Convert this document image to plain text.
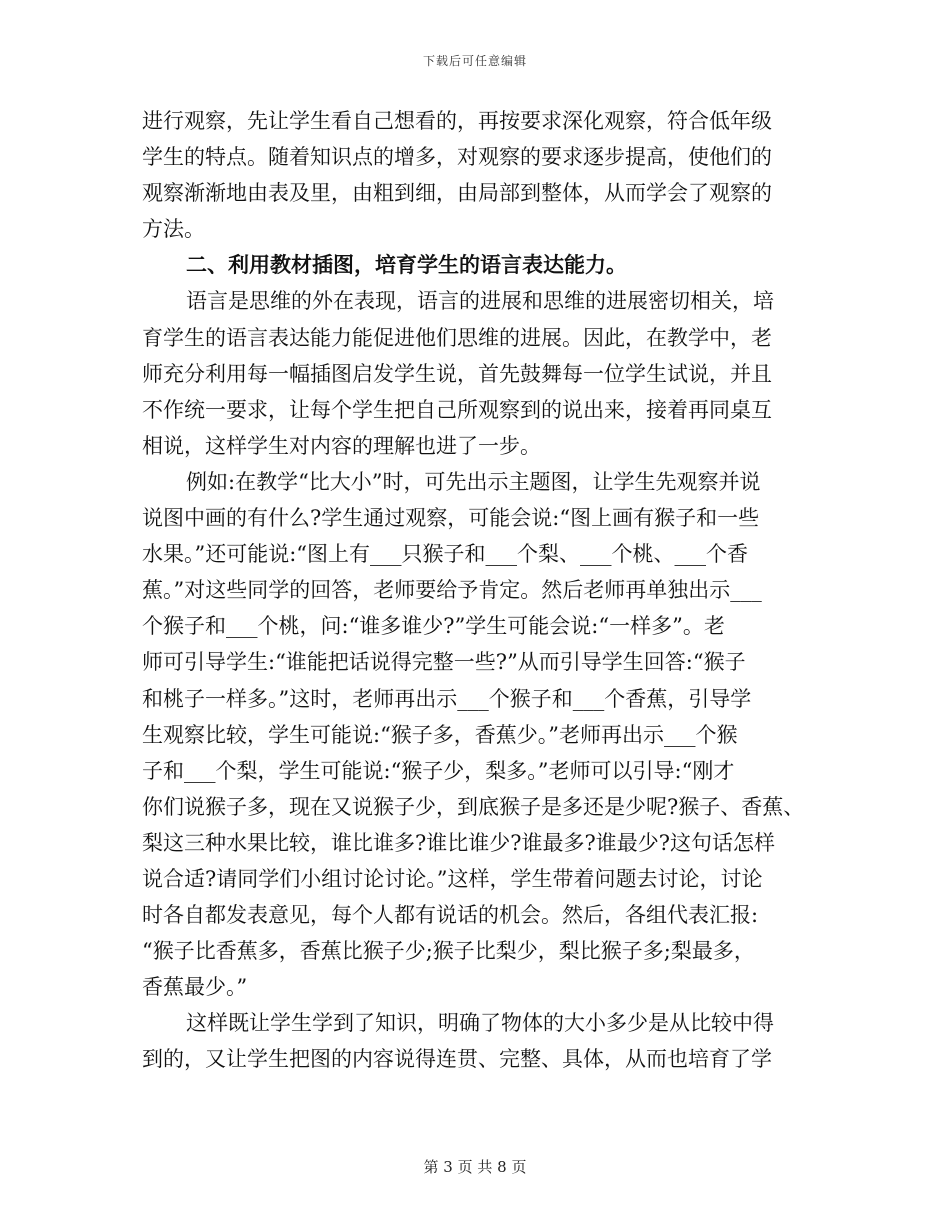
下载后可任意编辑
进行观察，先让学生看自己想看的，再按要求深化观察，符合低年级
学生的特点。随着知识点的增多，对观察的要求逐步提高，使他们的
观察渐渐地由表及里，由粗到细，由局部到整体，从而学会了观察的
方法。
二、利用教材插图，培育学生的语言表达能力。
语言是思维的外在表现，语言的进展和思维的进展密切相关，培
育学生的语言表达能力能促进他们思维的进展。因此，在教学中，老
师充分利用每一幅插图启发学生说，首先鼓舞每一位学生试说，并且
不作统一要求，让每个学生把自己所观察到的说出来，接着再同桌互
相说，这样学生对内容的理解也进了一步。
例如:在教学“比大小”时，可先出示主题图，让学生先观察并说
说图中画的有什么?学生通过观察，可能会说:“图上画有猴子和一些
水果。”还可能说:“图上有___只猴子和___个梨、___个桃、___个香
蕉。”对这些同学的回答，老师要给予肯定。然后老师再单独出示___
个猴子和___个桃，问:“谁多谁少?”学生可能会说:“一样多”。老
师可引导学生:“谁能把话说得完整一些?”从而引导学生回答:“猴子
和桃子一样多。”这时，老师再出示___个猴子和___个香蕉，引导学
生观察比较，学生可能说:“猴子多，香蕉少。”老师再出示___个猴
子和___个梨，学生可能说:“猴子少，梨多。”老师可以引导:“刚才
你们说猴子多，现在又说猴子少，到底猴子是多还是少呢?猴子、香蕉、
梨这三种水果比较，谁比谁多?谁比谁少?谁最多?谁最少?这句话怎样
说合适?请同学们小组讨论讨论。”这样，学生带着问题去讨论，讨论
时各自都发表意见，每个人都有说话的机会。然后，各组代表汇报:
“猴子比香蕉多，香蕉比猴子少;猴子比梨少，梨比猴子多;梨最多，
香蕉最少。”
这样既让学生学到了知识，明确了物体的大小多少是从比较中得
到的，又让学生把图的内容说得连贯、完整、具体，从而也培育了学
第 3 页 共 8 页
